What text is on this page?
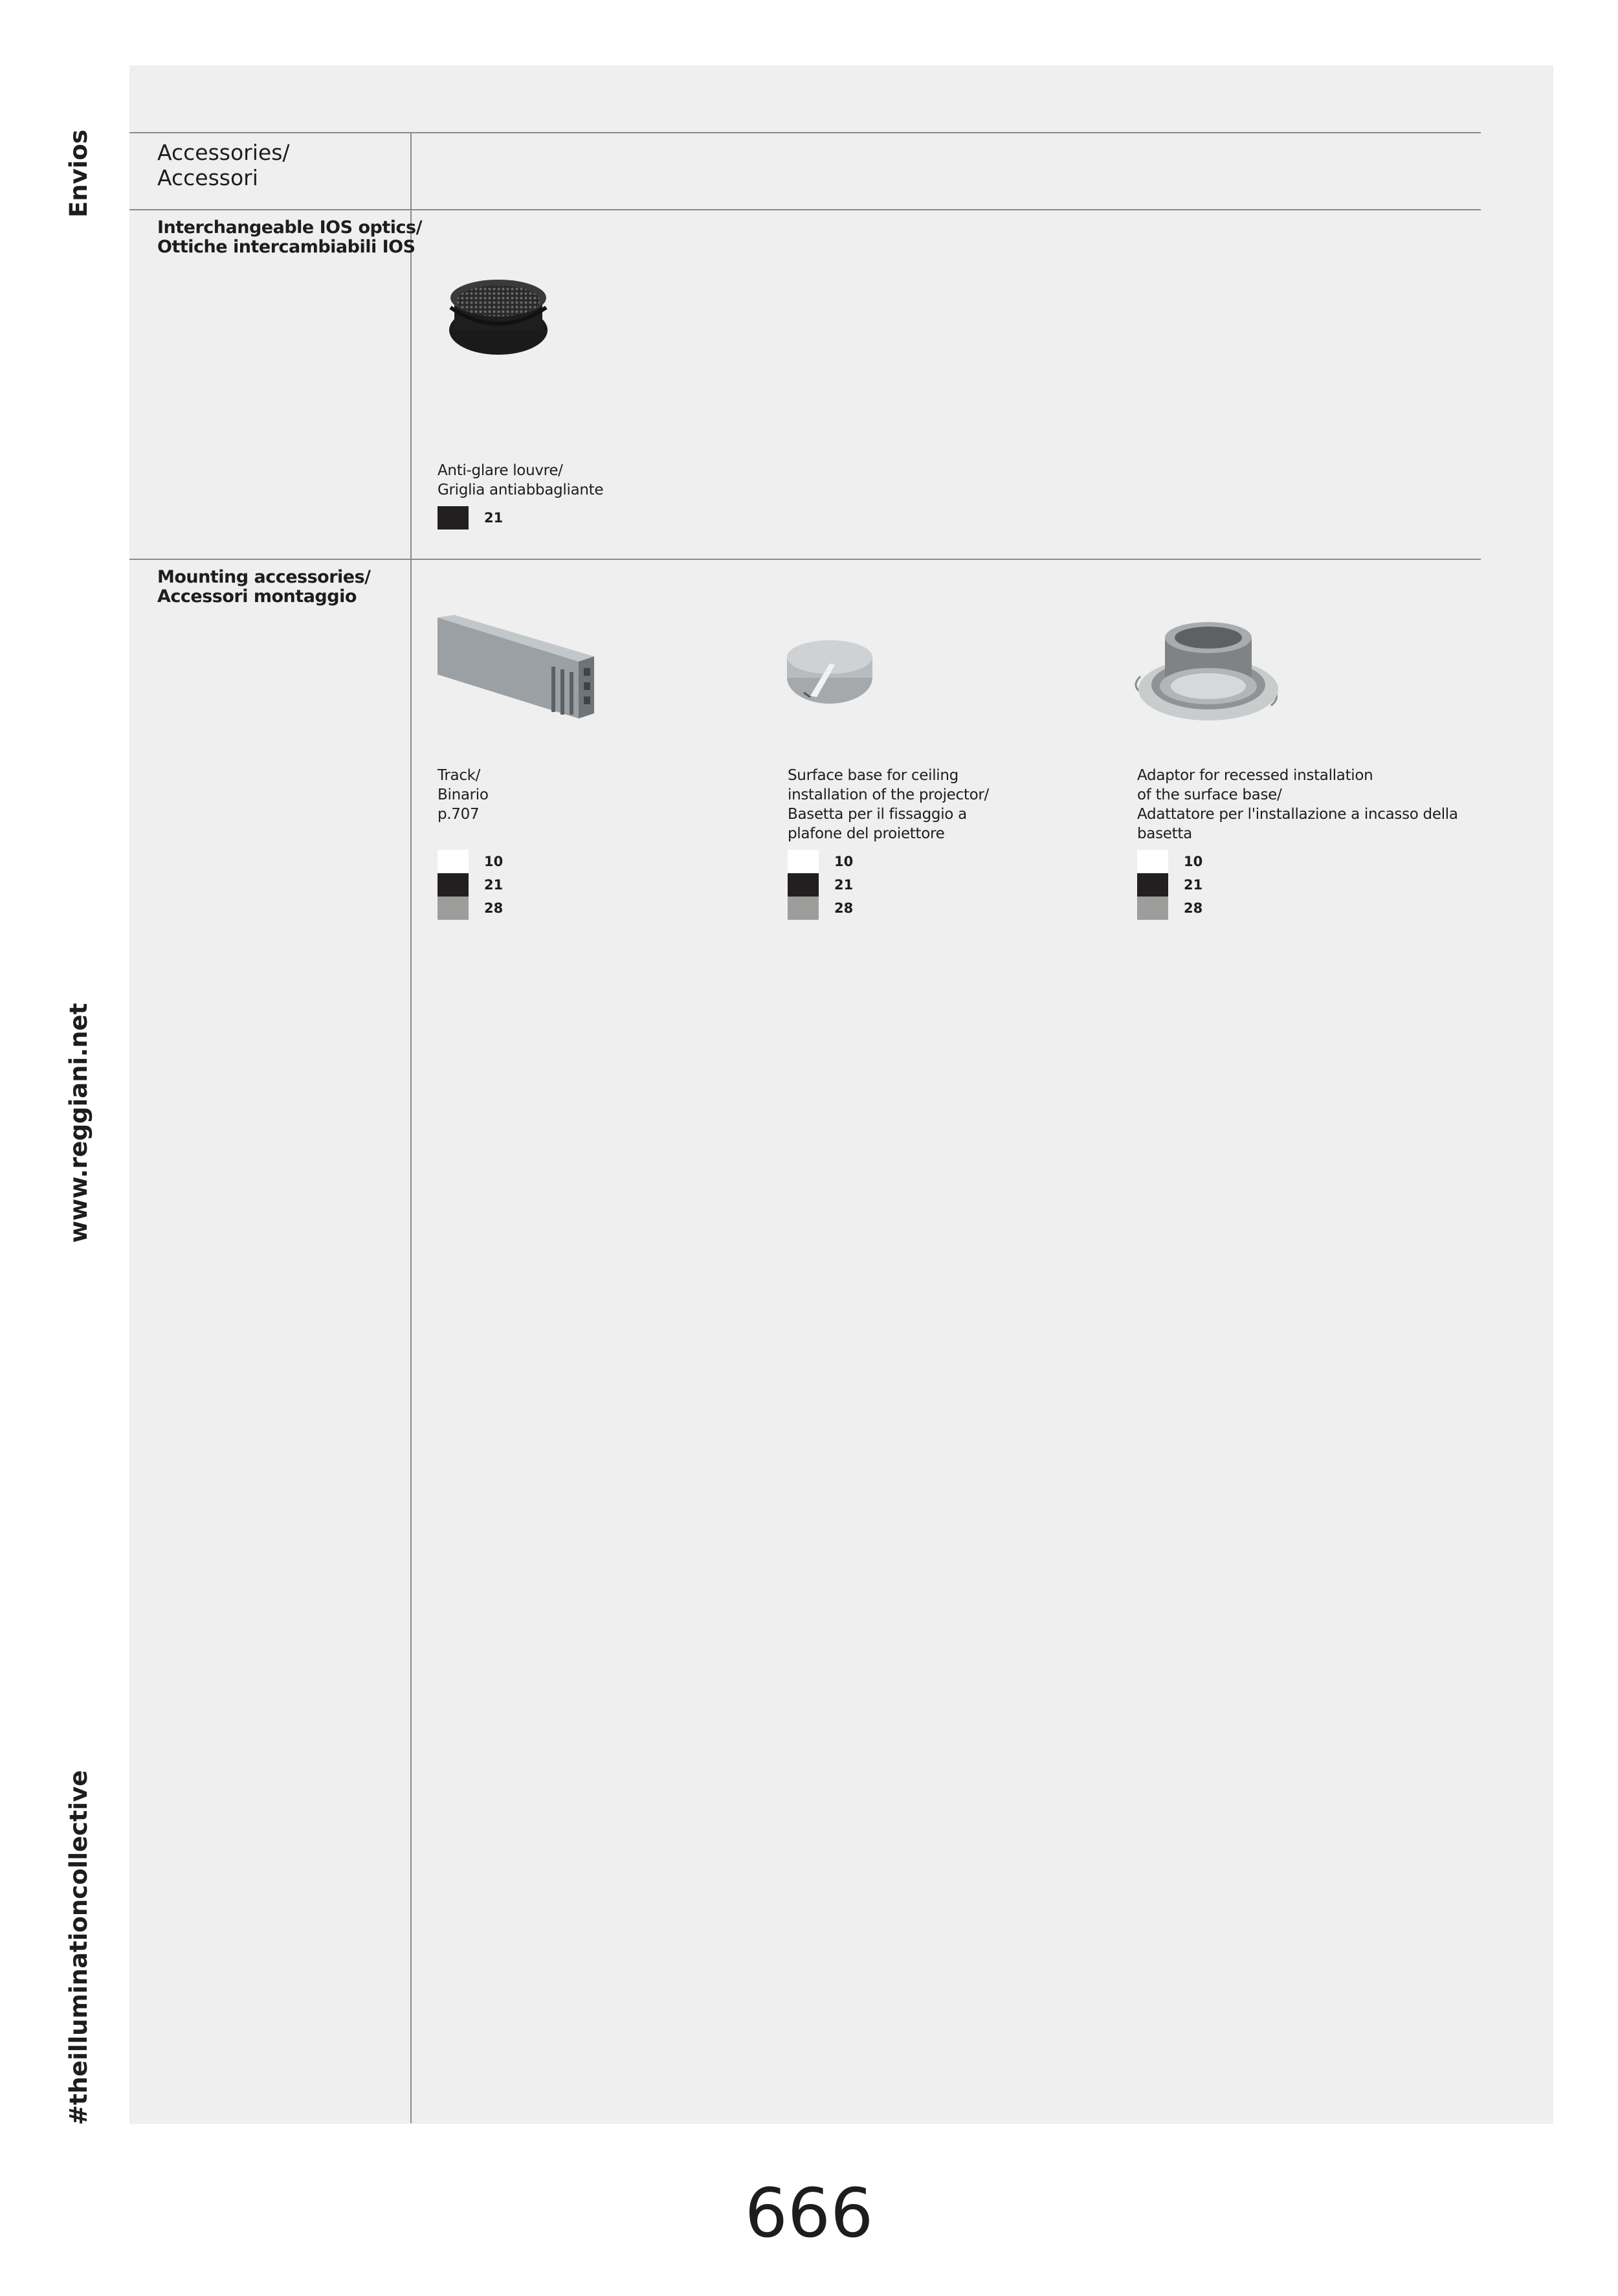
Envios
www.reggiani.net
#theilluminationcollective
Accessories/
Accessori
Interchangeable IOS optics/
Ottiche intercambiabili IOS
Anti-glare louvre/
Griglia antiabbagliante
21
Mounting accessories/
Accessori montaggio
Track/
Binario
p.707
10
21
28
Surface base for ceiling
installation of the projector/
Basetta per il fissaggio a
plafone del proiettore
10
21
28
Adaptor for recessed installation
of the surface base/
Adattatore per l'installazione a incasso della
basetta
10
21
28
666
